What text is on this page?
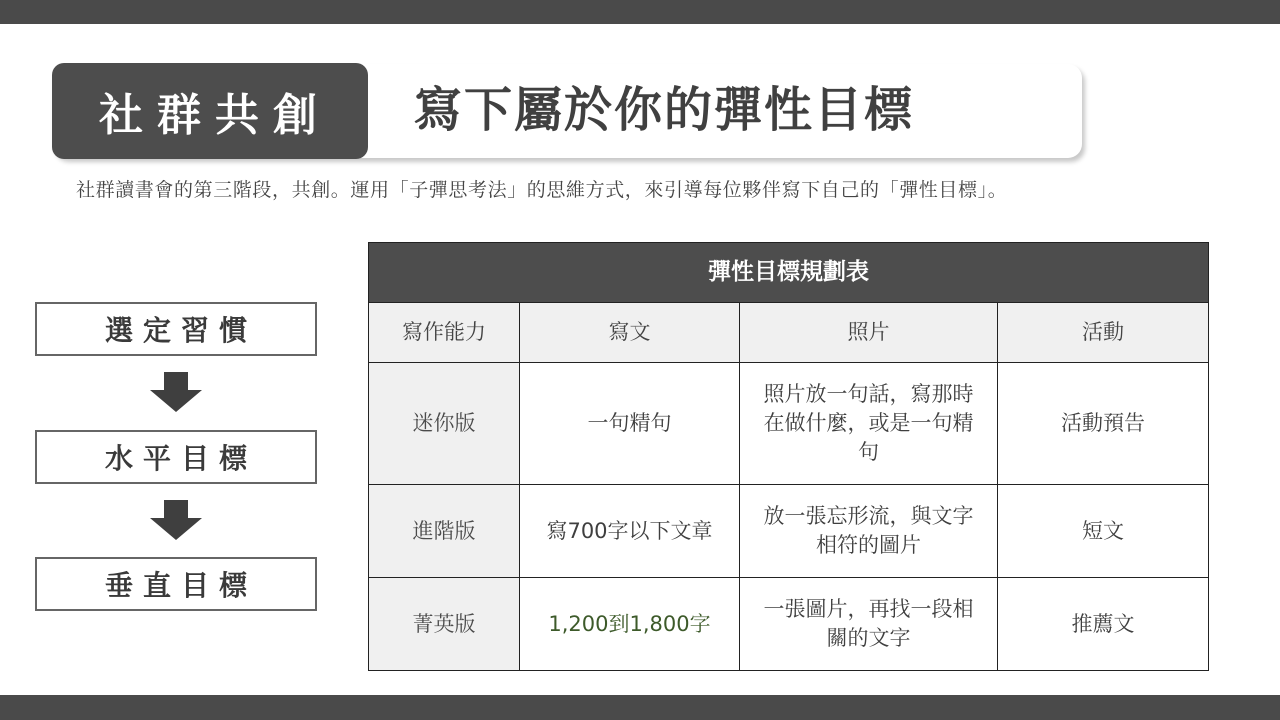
社群共創	寫下屬於你的彈性目標
社群讀書會的第三階段，共創。運用「子彈思考法」的思維方式，來引導每位夥伴寫下自己的「彈性目標」。
選定習慣
水平目標
垂直目標
彈性目標規劃表			
寫作能力	寫文	照片	活動
迷你版	一句精句	照片放一句話，寫那時在做什麼，或是一句精句	活動預告
進階版	寫700字以下文章	放一張忘形流，與文字相符的圖片	短文
菁英版	1,200到1,800字	一張圖片，再找一段相關的文字	推薦文
